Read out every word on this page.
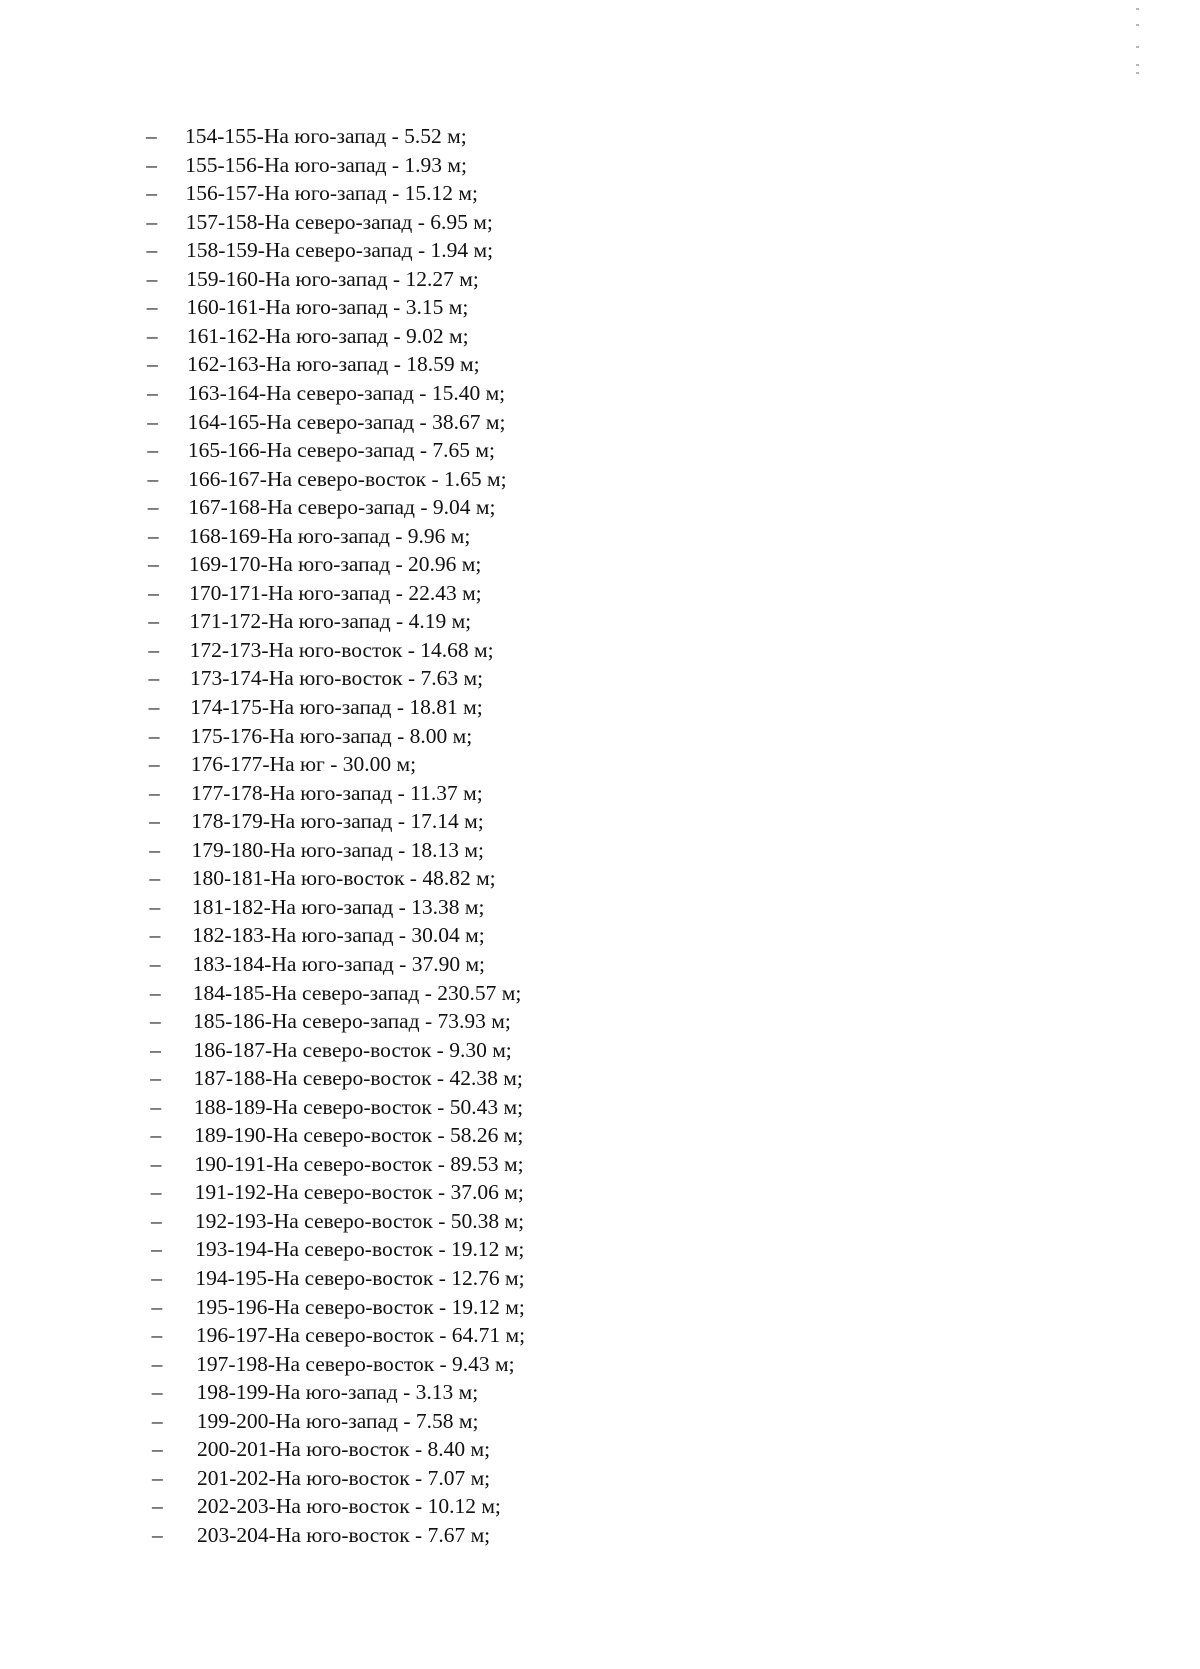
– 154-155-На юго-запад - 5.52 м;
– 155-156-На юго-запад - 1.93 м;
– 156-157-На юго-запад - 15.12 м;
– 157-158-На северо-запад - 6.95 м;
– 158-159-На северо-запад - 1.94 м;
– 159-160-На юго-запад - 12.27 м;
– 160-161-На юго-запад - 3.15 м;
– 161-162-На юго-запад - 9.02 м;
– 162-163-На юго-запад - 18.59 м;
– 163-164-На северо-запад - 15.40 м;
– 164-165-На северо-запад - 38.67 м;
– 165-166-На северо-запад - 7.65 м;
– 166-167-На северо-восток - 1.65 м;
– 167-168-На северо-запад - 9.04 м;
– 168-169-На юго-запад - 9.96 м;
– 169-170-На юго-запад - 20.96 м;
– 170-171-На юго-запад - 22.43 м;
– 171-172-На юго-запад - 4.19 м;
– 172-173-На юго-восток - 14.68 м;
– 173-174-На юго-восток - 7.63 м;
– 174-175-На юго-запад - 18.81 м;
– 175-176-На юго-запад - 8.00 м;
– 176-177-На юг - 30.00 м;
– 177-178-На юго-запад - 11.37 м;
– 178-179-На юго-запад - 17.14 м;
– 179-180-На юго-запад - 18.13 м;
– 180-181-На юго-восток - 48.82 м;
– 181-182-На юго-запад - 13.38 м;
– 182-183-На юго-запад - 30.04 м;
– 183-184-На юго-запад - 37.90 м;
– 184-185-На северо-запад - 230.57 м;
– 185-186-На северо-запад - 73.93 м;
– 186-187-На северо-восток - 9.30 м;
– 187-188-На северо-восток - 42.38 м;
– 188-189-На северо-восток - 50.43 м;
– 189-190-На северо-восток - 58.26 м;
– 190-191-На северо-восток - 89.53 м;
– 191-192-На северо-восток - 37.06 м;
– 192-193-На северо-восток - 50.38 м;
– 193-194-На северо-восток - 19.12 м;
– 194-195-На северо-восток - 12.76 м;
– 195-196-На северо-восток - 19.12 м;
– 196-197-На северо-восток - 64.71 м;
– 197-198-На северо-восток - 9.43 м;
– 198-199-На юго-запад - 3.13 м;
– 199-200-На юго-запад - 7.58 м;
– 200-201-На юго-восток - 8.40 м;
– 201-202-На юго-восток - 7.07 м;
– 202-203-На юго-восток - 10.12 м;
– 203-204-На юго-восток - 7.67 м;
